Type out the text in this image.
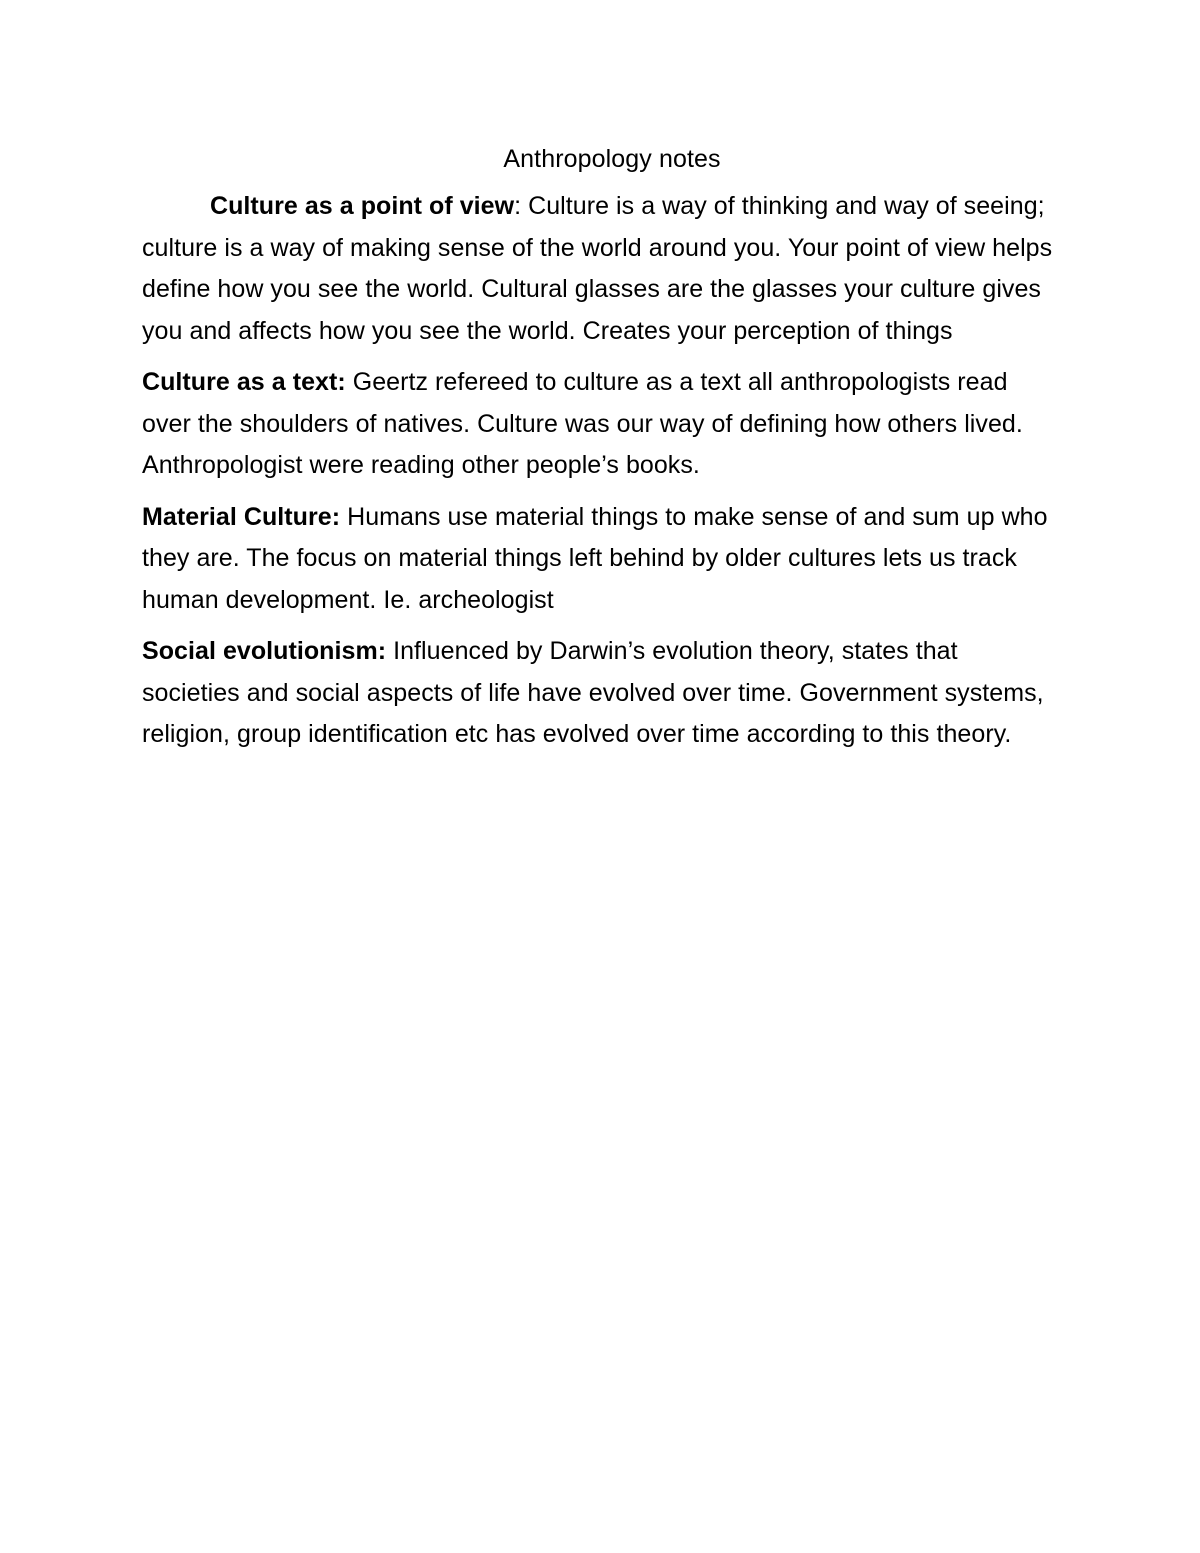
Anthropology notes

Culture as a point of view: Culture is a way of thinking and way of seeing; culture is a way of making sense of the world around you. Your point of view helps define how you see the world. Cultural glasses are the glasses your culture gives you and affects how you see the world. Creates your perception of things

Culture as a text: Geertz refereed to culture as a text all anthropologists read over the shoulders of natives. Culture was our way of defining how others lived. Anthropologist were reading other people’s books.

Material Culture: Humans use material things to make sense of and sum up who they are. The focus on material things left behind by older cultures lets us track human development. Ie. archeologist

Social evolutionism: Influenced by Darwin’s evolution theory, states that societies and social aspects of life have evolved over time. Government systems, religion, group identification etc has evolved over time according to this theory.
